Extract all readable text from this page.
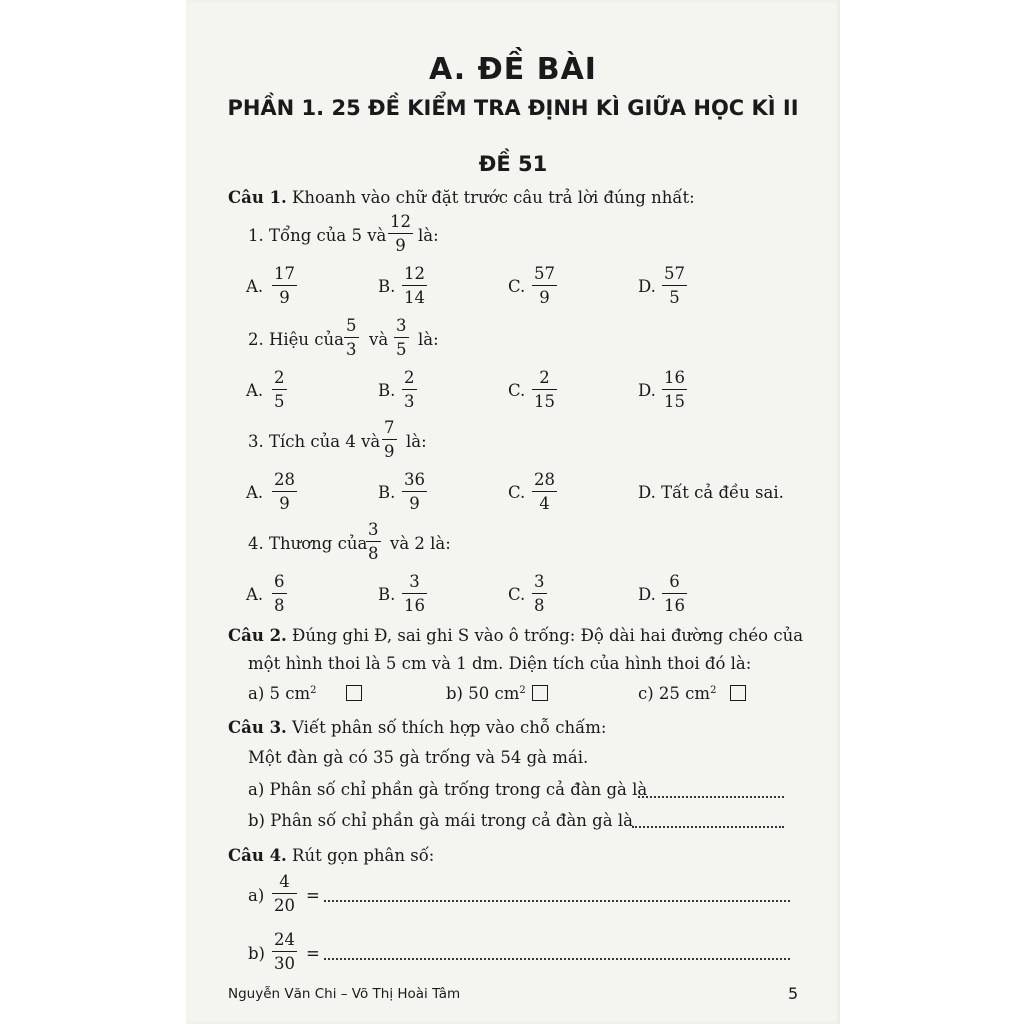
A. ĐỀ BÀI
PHẦN 1. 25 ĐỀ KIỂM TRA ĐỊNH KÌ GIỮA HỌC KÌ II
ĐỀ 51
Câu 1. Khoanh vào chữ đặt trước câu trả lời đúng nhất:
1. Tổng của 5 và
12
9
là:
A.
17
9
B.
12
14
C.
57
9
D.
57
5
2. Hiệu của
5
3
và
3
5
là:
A.
2
5
B.
2
3
C.
2
15
D.
16
15
3. Tích của 4 và
7
9
là:
A.
28
9
B.
36
9
C.
28
4
D. Tất cả đều sai.
4. Thương của
3
8
và 2 là:
A.
6
8
B.
3
16
C.
3
8
D.
6
16
Câu 2. Đúng ghi Đ, sai ghi S vào ô trống: Độ dài hai đường chéo của
một hình thoi là 5 cm và 1 dm. Diện tích của hình thoi đó là:
a) 5 $cm^2$	b) 50 $cm^2$	c) 25 $cm^2$
Câu 3. Viết phân số thích hợp vào chỗ chấm:
Một đàn gà có 35 gà trống và 54 gà mái.
a) Phân số chỉ phần gà trống trong cả đàn gà là
b) Phân số chỉ phần gà mái trong cả đàn gà là
Câu 4. Rút gọn phân số:
a)
4
20
=
b)
24
30
=
Nguyễn Văn Chi – Võ Thị Hoài Tâm	5
